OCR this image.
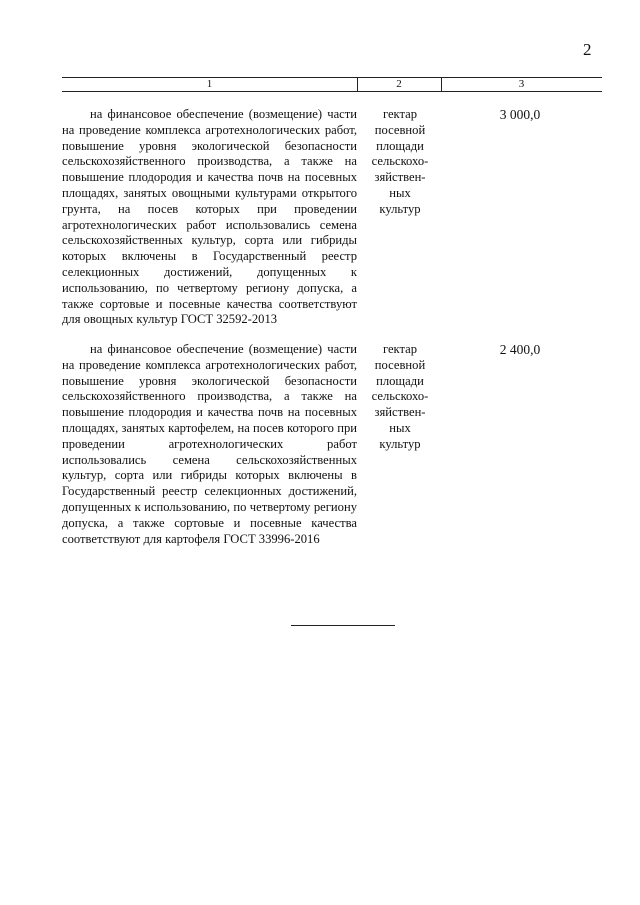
2
1	2	3

на финансовое обеспечение (возмещение) части на проведение комплекса агротехнологических работ, повышение уровня экологической безопасности сельскохозяйственного производства, а также на повышение плодородия и качества почв на посевных площадях, занятых овощными культурами открытого грунта, на посев которых при проведении агротехнологических работ использовались семена сельскохозяйственных культур, сорта или гибриды которых включены в Государственный реестр селекционных достижений, допущенных к использованию, по четвертому региону допуска, а также сортовые и посевные качества соответствуют для овощных культур ГОСТ 32592-2013

гектар
посевной
площади
сельскохо-
зяйствен-
ных
культур
3 000,0

на финансовое обеспечение (возмещение) части на проведение комплекса агротехнологических работ, повышение уровня экологической безопасности сельскохозяйственного производства, а также на повышение плодородия и качества почв на посевных площадях, занятых картофелем, на посев которого при проведении агротехнологических работ использовались семена сельскохозяйственных культур, сорта или гибриды которых включены в Государственный реестр селекционных достижений, допущенных к использованию, по четвертому региону допуска, а также сортовые и посевные качества соответствуют для картофеля ГОСТ 33996-2016

гектар
посевной
площади
сельскохо-
зяйствен-
ных
культур
2 400,0
